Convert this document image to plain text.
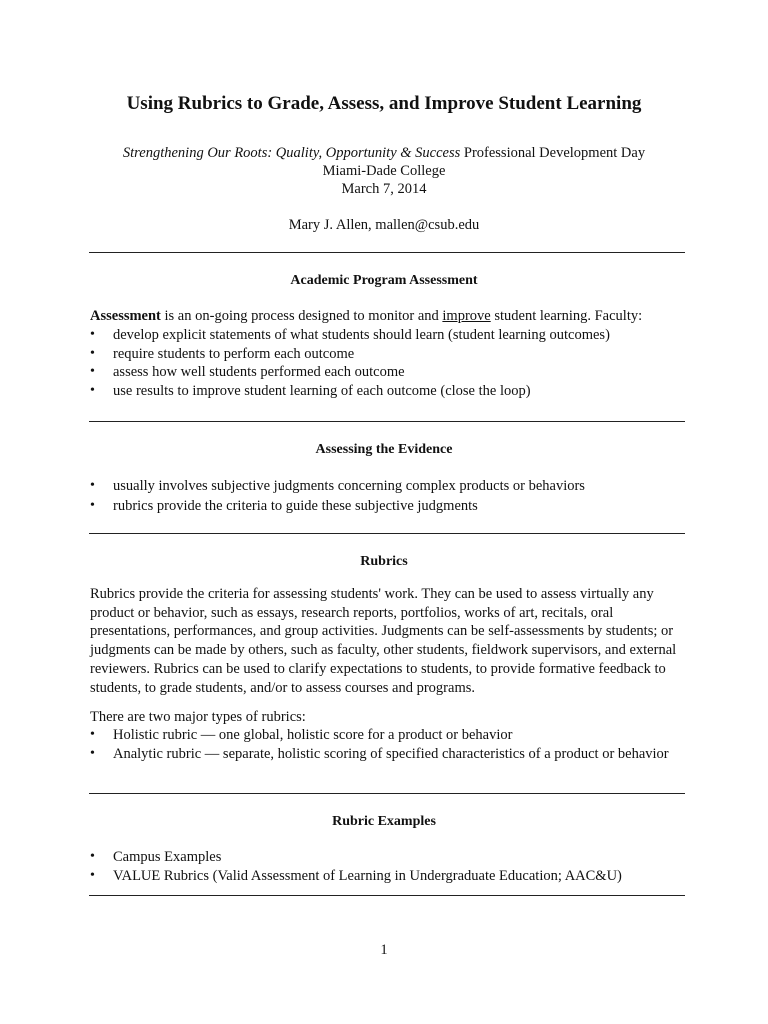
Using Rubrics to Grade, Assess, and Improve Student Learning
Strengthening Our Roots: Quality, Opportunity & Success Professional Development Day
Miami-Dade College
March 7, 2014
Mary J. Allen, mallen@csub.edu
Academic Program Assessment

Assessment is an on-going process designed to monitor and improve student learning. Faculty:

• develop explicit statements of what students should learn (student learning outcomes)
• require students to perform each outcome
• assess how well students performed each outcome
• use results to improve student learning of each outcome (close the loop)
Assessing the Evidence
• usually involves subjective judgments concerning complex products or behaviors
• rubrics provide the criteria to guide these subjective judgments
Rubrics

Rubrics provide the criteria for assessing students' work. They can be used to assess virtually any product or behavior, such as essays, research reports, portfolios, works of art, recitals, oral presentations, performances, and group activities. Judgments can be self-assessments by students; or judgments can be made by others, such as faculty, other students, fieldwork supervisors, and external reviewers. Rubrics can be used to clarify expectations to students, to provide formative feedback to students, to grade students, and/or to assess courses and programs.

There are two major types of rubrics:

• Holistic rubric — one global, holistic score for a product or behavior
• Analytic rubric — separate, holistic scoring of specified characteristics of a product or behavior
Rubric Examples
• Campus Examples
• VALUE Rubrics (Valid Assessment of Learning in Undergraduate Education; AAC&U)
1
